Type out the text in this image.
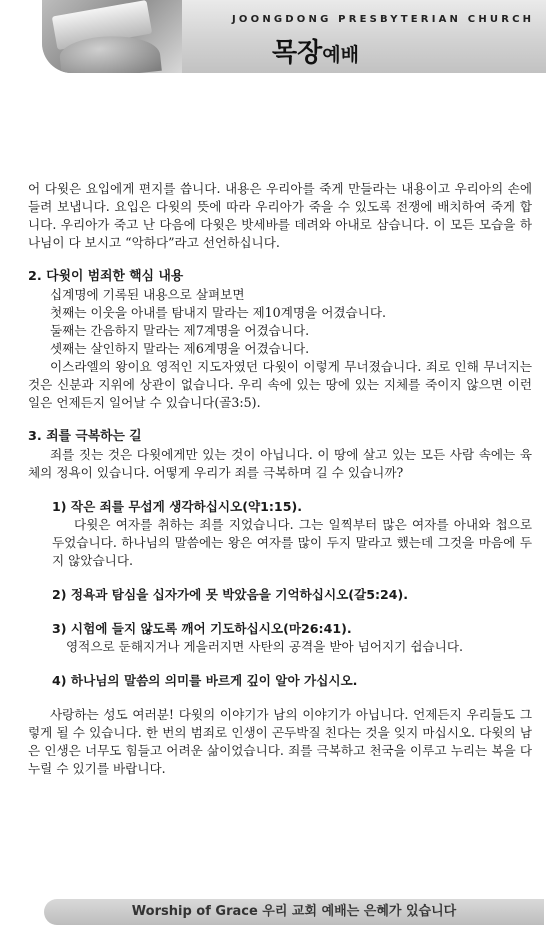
JOONGDONG PRESBYTERIAN CHURCH
목장예배

어 다윗은 요입에게 편지를 씁니다. 내용은 우리아를 죽게 만들라는 내용이고 우리아의 손에 들려 보냅니다. 요입은 다윗의 뜻에 따라 우리아가 죽을 수 있도록 전쟁에 배치하여 죽게 합니다. 우리아가 죽고 난 다음에 다윗은 밧세바를 데려와 아내로 삼습니다. 이 모든 모습을 하나님이 다 보시고 “악하다”라고 선언하십니다.

2. 다윗이 범죄한 핵심 내용

십계명에 기록된 내용으로 살펴보면

첫째는 이웃을 아내를 탐내지 말라는 제10계명을 어겼습니다.

둘째는 간음하지 말라는 제7계명을 어겼습니다.

셋째는 살인하지 말라는 제6계명을 어겼습니다.

이스라엘의 왕이요 영적인 지도자였던 다윗이 이렇게 무너졌습니다. 죄로 인해 무너지는 것은 신분과 지위에 상관이 없습니다. 우리 속에 있는 땅에 있는 지체를 죽이지 않으면 이런 일은 언제든지 일어날 수 있습니다(골3:5).

3. 죄를 극복하는 길

죄를 짓는 것은 다윗에게만 있는 것이 아닙니다. 이 땅에 살고 있는 모든 사람 속에는 육체의 정욕이 있습니다. 어떻게 우리가 죄를 극복하며 길 수 있습니까?

1) 작은 죄를 무섭게 생각하십시오(약1:15).

다윗은 여자를 취하는 죄를 지었습니다. 그는 일찍부터 많은 여자를 아내와 첩으로 두었습니다. 하나님의 말씀에는 왕은 여자를 많이 두지 말라고 했는데 그것을 마음에 두지 않았습니다.

2) 정욕과 탐심을 십자가에 못 박았음을 기억하십시오(갈5:24).

3) 시험에 들지 않도록 깨어 기도하십시오(마26:41).

영적으로 둔해지거나 게을러지면 사탄의 공격을 받아 넘어지기 쉽습니다.

4) 하나님의 말씀의 의미를 바르게 깊이 알아 가십시오.

사랑하는 성도 여러분! 다윗의 이야기가 남의 이야기가 아닙니다. 언제든지 우리들도 그렇게 될 수 있습니다. 한 번의 범죄로 인생이 곤두박질 친다는 것을 잊지 마십시오. 다윗의 남은 인생은 너무도 힘들고 어려운 삶이었습니다. 죄를 극복하고 천국을 이루고 누리는 복을 다 누릴 수 있기를 바랍니다.

Worship of Grace 우리 교회 예배는 은혜가 있습니다
